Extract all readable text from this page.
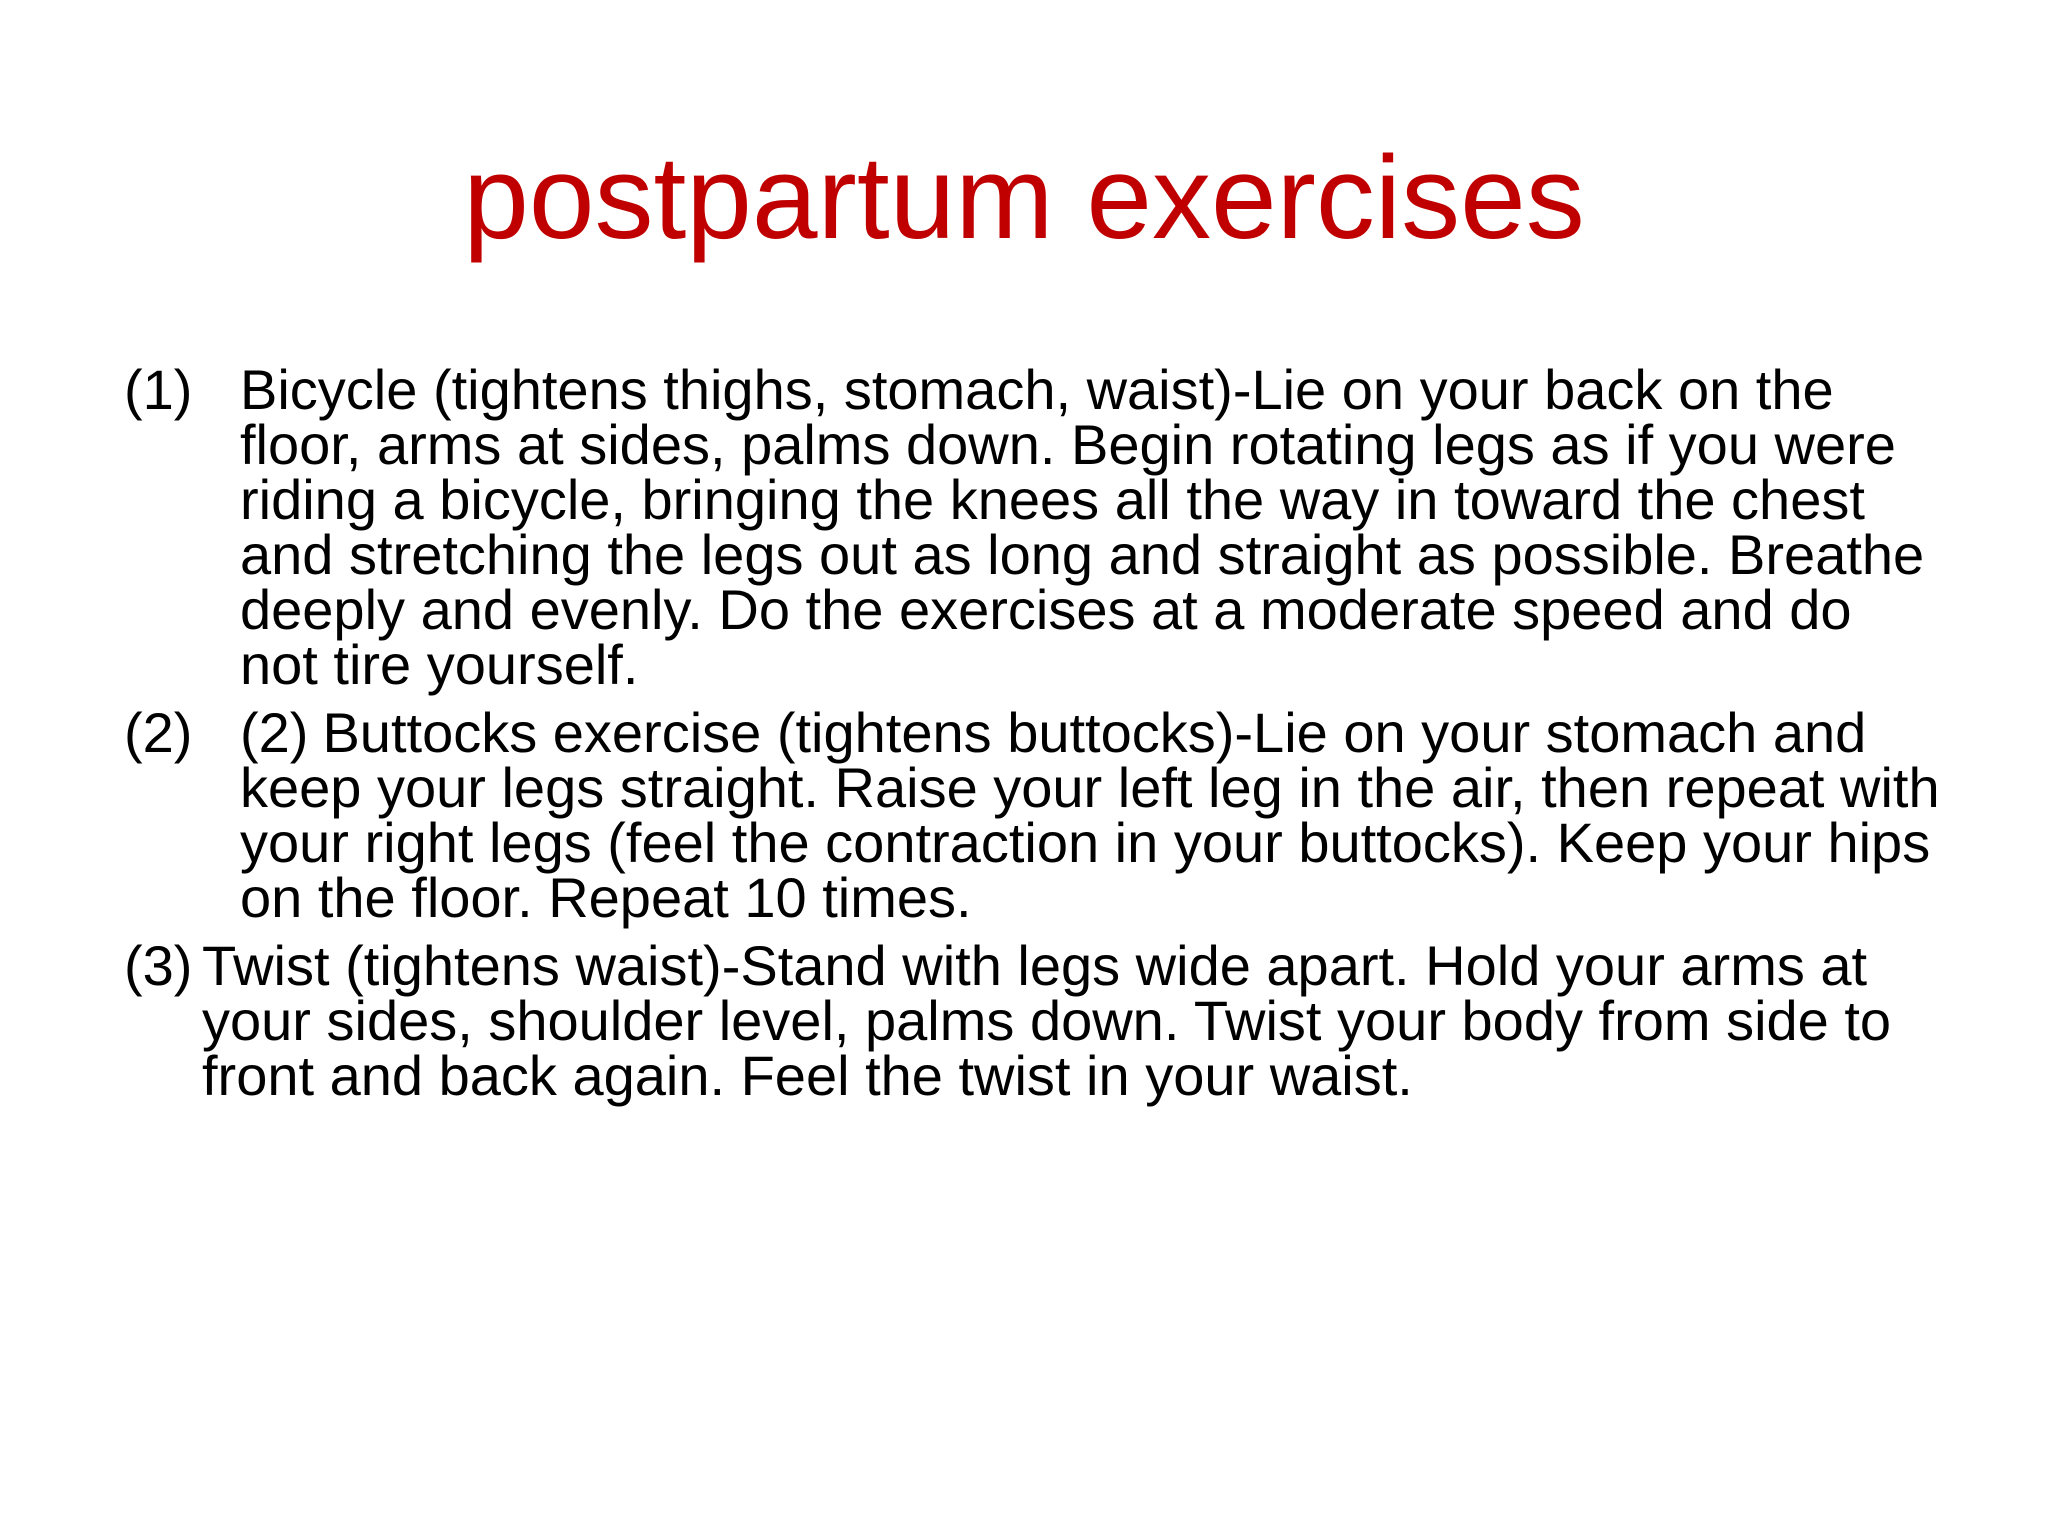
postpartum exercises
(1) Bicycle (tightens thighs, stomach, waist)-Lie on your back on the floor, arms at sides, palms down. Begin rotating legs as if you were riding a bicycle, bringing the knees all the way in toward the chest and stretching the legs out as long and straight as possible. Breathe deeply and evenly. Do the exercises at a moderate speed and do not tire yourself.
(2) (2) Buttocks exercise (tightens buttocks)-Lie on your stomach and keep your legs straight. Raise your left leg in the air, then repeat with your right legs (feel the contraction in your buttocks). Keep your hips on the floor. Repeat 10 times.
(3) Twist (tightens waist)-Stand with legs wide apart. Hold your arms at your sides, shoulder level, palms down. Twist your body from side to front and back again. Feel the twist in your waist.
